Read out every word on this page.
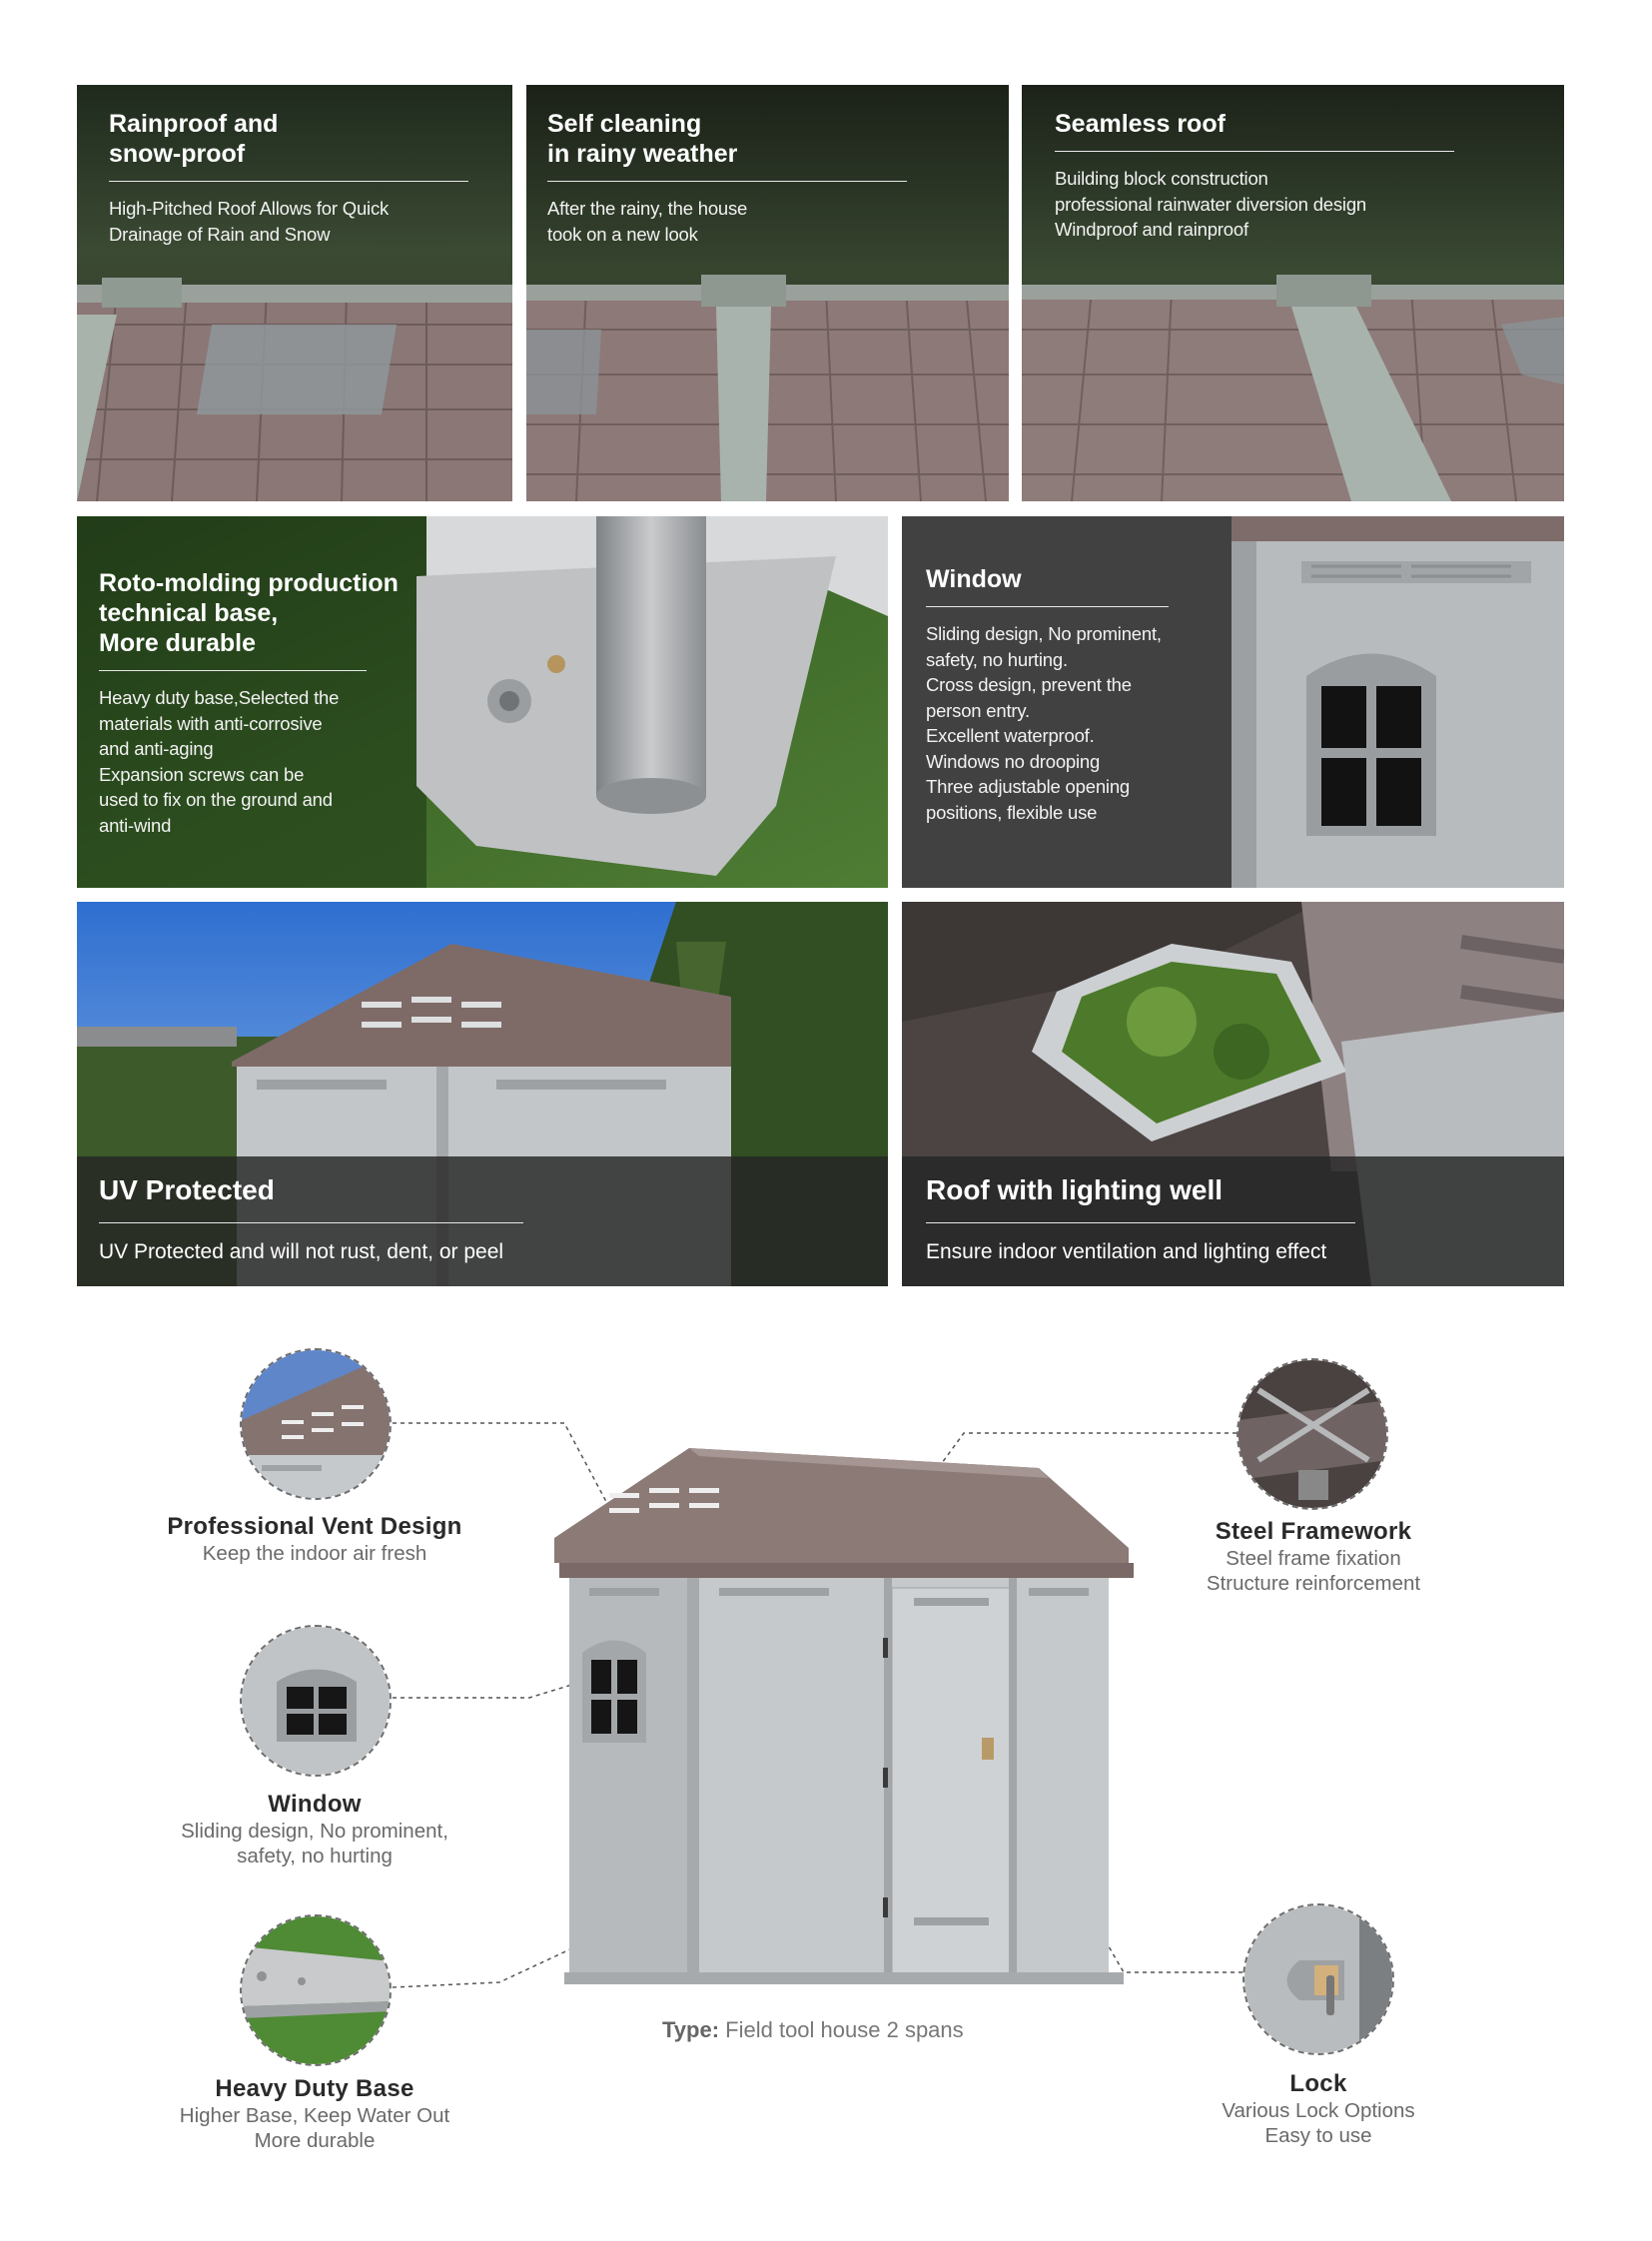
Rainproof and
snow-proof
High-Pitched Roof Allows for Quick
Drainage of Rain and Snow
Self cleaning
in rainy weather
After the rainy, the house
took on a new look
Seamless roof
Building block construction
professional rainwater diversion design
Windproof and rainproof
Roto-molding production
technical base,
More durable
Heavy duty base,Selected the
materials with anti-corrosive
and anti-aging
Expansion screws can be
used to fix on the ground and
anti-wind
Window
Sliding design, No prominent,
safety, no hurting.
Cross design, prevent the
person entry.
Excellent waterproof.
Windows no drooping
Three adjustable opening
positions, flexible use
UV Protected
UV Protected and will not rust, dent, or peel
Roof with lighting well
Ensure indoor ventilation and lighting effect
Professional Vent Design
Keep the indoor air fresh
Window
Sliding design, No prominent,
safety, no hurting
Heavy Duty Base
Higher Base, Keep Water Out
More durable
Steel Framework
Steel frame fixation
Structure reinforcement
Lock
Various Lock Options
Easy to use
Type: Field tool house 2 spans
